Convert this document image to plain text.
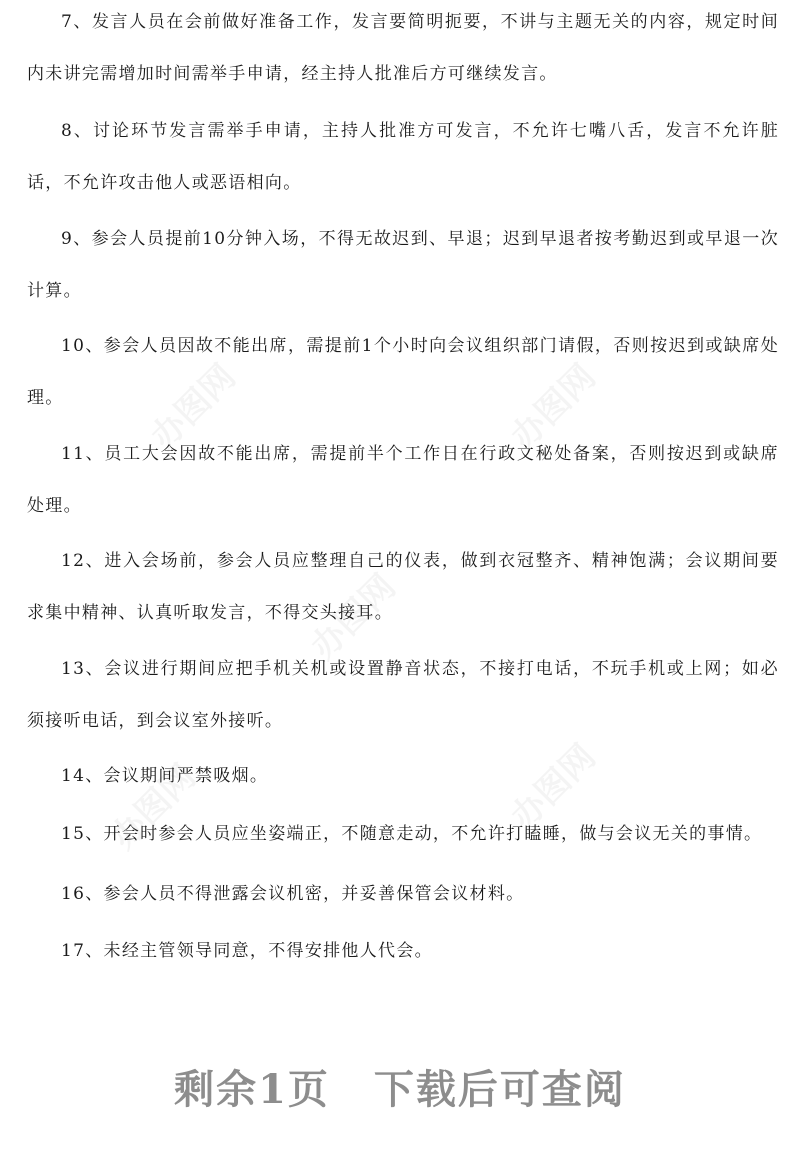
7、发言人员在会前做好准备工作，发言要简明扼要，不讲与主题无关的内容，规定时间内未讲完需增加时间需举手申请，经主持人批准后方可继续发言。

8、讨论环节发言需举手申请，主持人批准方可发言，不允许七嘴八舌，发言不允许脏话，不允许攻击他人或恶语相向。

9、参会人员提前10分钟入场，不得无故迟到、早退；迟到早退者按考勤迟到或早退一次计算。

10、参会人员因故不能出席，需提前1个小时向会议组织部门请假，否则按迟到或缺席处理。

11、员工大会因故不能出席，需提前半个工作日在行政文秘处备案，否则按迟到或缺席处理。

12、进入会场前，参会人员应整理自己的仪表，做到衣冠整齐、精神饱满；会议期间要求集中精神、认真听取发言，不得交头接耳。

13、会议进行期间应把手机关机或设置静音状态，不接打电话，不玩手机或上网；如必须接听电话，到会议室外接听。

14、会议期间严禁吸烟。

15、开会时参会人员应坐姿端正，不随意走动，不允许打瞌睡，做与会议无关的事情。

16、参会人员不得泄露会议机密，并妥善保管会议材料。

17、未经主管领导同意，不得安排他人代会。

剩余1页 下载后可查阅
